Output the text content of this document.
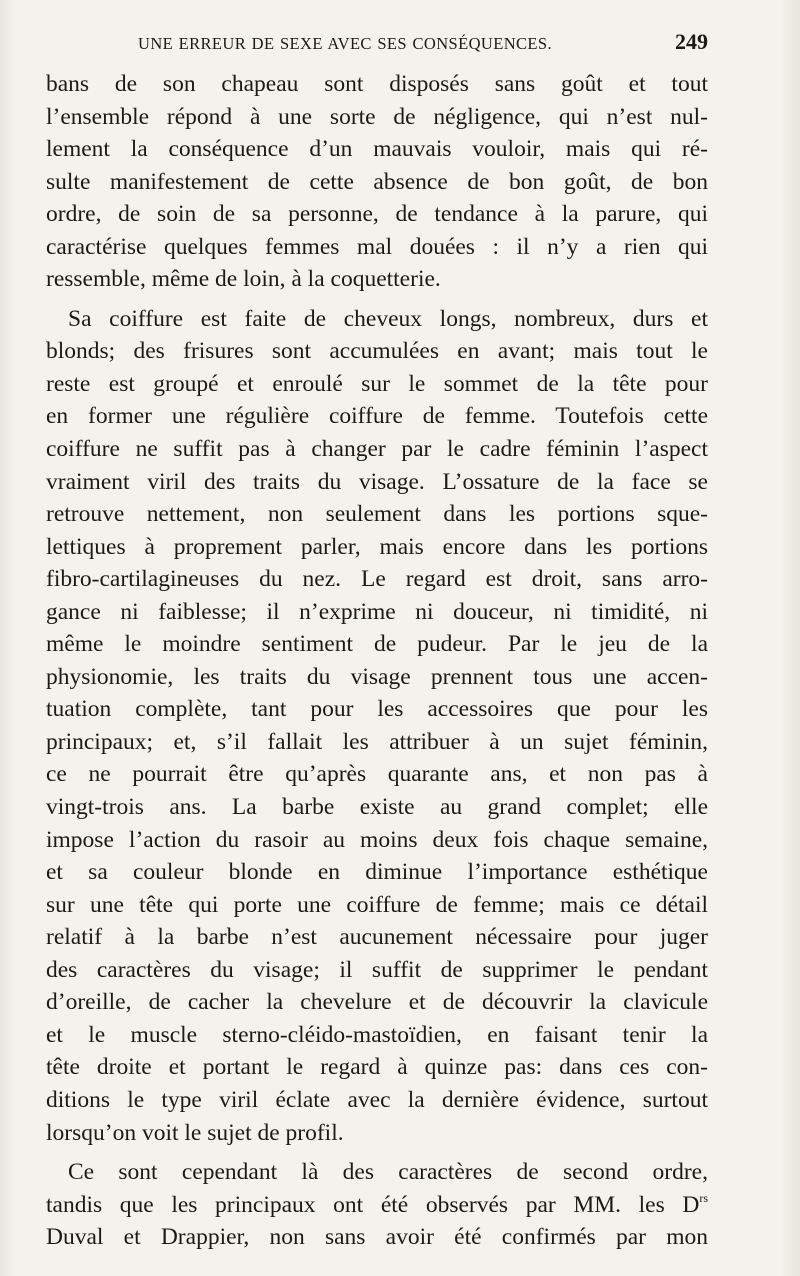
UNE ERREUR DE SEXE AVEC SES CONSÉQUENCES.	249
bans de son chapeau sont disposés sans goût et tout
l’ensemble répond à une sorte de négligence, qui n’est nul-
lement la conséquence d’un mauvais vouloir, mais qui ré-
sulte manifestement de cette absence de bon goût, de bon
ordre, de soin de sa personne, de tendance à la parure, qui
caractérise quelques femmes mal douées : il n’y a rien qui
ressemble, même de loin, à la coquetterie.
Sa coiffure est faite de cheveux longs, nombreux, durs et
blonds; des frisures sont accumulées en avant; mais tout le
reste est groupé et enroulé sur le sommet de la tête pour
en former une régulière coiffure de femme. Toutefois cette
coiffure ne suffit pas à changer par le cadre féminin l’aspect
vraiment viril des traits du visage. L’ossature de la face se
retrouve nettement, non seulement dans les portions sque-
lettiques à proprement parler, mais encore dans les portions
fibro-cartilagineuses du nez. Le regard est droit, sans arro-
gance ni faiblesse; il n’exprime ni douceur, ni timidité, ni
même le moindre sentiment de pudeur. Par le jeu de la
physionomie, les traits du visage prennent tous une accen-
tuation complète, tant pour les accessoires que pour les
principaux; et, s’il fallait les attribuer à un sujet féminin,
ce ne pourrait être qu’après quarante ans, et non pas à
vingt-trois ans. La barbe existe au grand complet; elle
impose l’action du rasoir au moins deux fois chaque semaine,
et sa couleur blonde en diminue l’importance esthétique
sur une tête qui porte une coiffure de femme; mais ce détail
relatif à la barbe n’est aucunement nécessaire pour juger
des caractères du visage; il suffit de supprimer le pendant
d’oreille, de cacher la chevelure et de découvrir la clavicule
et le muscle sterno-cléido-mastoïdien, en faisant tenir la
tête droite et portant le regard à quinze pas: dans ces con-
ditions le type viril éclate avec la dernière évidence, surtout
lorsqu’on voit le sujet de profil.
Ce sont cependant là des caractères de second ordre,
tandis que les principaux ont été observés par MM. les $D^{rs}$
Duval et Drappier, non sans avoir été confirmés par mon
